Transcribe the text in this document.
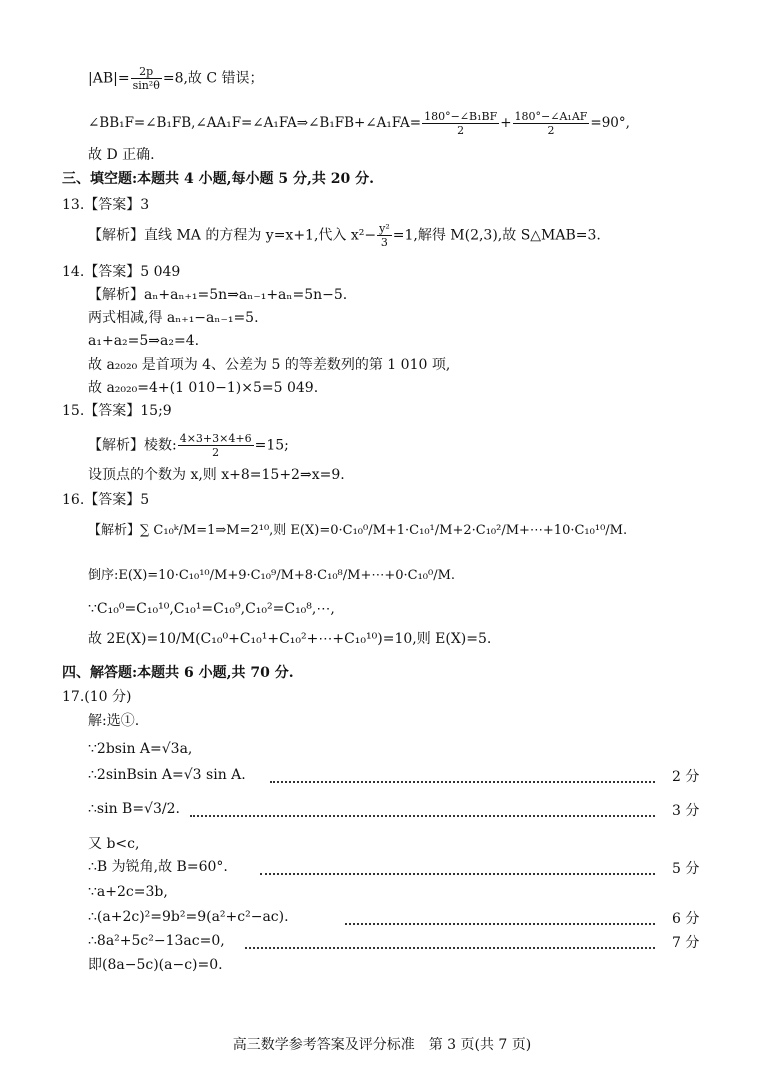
$|AB|= \frac{2p}{\text{sin²θ}} =8$,故 C 错误；
∠BB₁F=∠B₁FB,∠AA₁F=∠A₁FA⇒∠B₁FB+∠A₁FA= $\frac{\text{180°−∠B₁BF}}{2} + \frac{\text{180°−∠A₁AF}}{2} =90^\circ$,
故 D 正确.
三、填空题:本题共 4 小题,每小题 5 分,共 20 分.
13.【答案】3
【解析】直线 MA 的方程为 y=x+1,代入 $x^2- \frac{\text{y²}}{3} =1$,解得 M(2,3),故 S△MAB=3.
14.【答案】5 049
【解析】aₙ+aₙ₊₁=5n⇒aₙ₋₁+aₙ=5n−5.
两式相减,得 aₙ₊₁−aₙ₋₁=5.
a₁+a₂=5⇒a₂=4.
故 a₂₀₂₀ 是首项为 4、公差为 5 的等差数列的第 1 010 项,
故 a₂₀₂₀=4+(1 010−1)×5=5 049.
15.【答案】15;9
【解析】棱数: $\frac{4\times 3+3\times 4+6}{2} =15$;
设顶点的个数为 x,则 x+8=15+2⇒x=9.
16.【答案】5
【解析】∑ C₁₀ᵏ/M=1⇒M=2¹⁰,则 E(X)=0·C₁₀⁰/M+1·C₁₀¹/M+2·C₁₀²/M+⋯+10·C₁₀¹⁰/M.
倒序:E(X)=10·C₁₀¹⁰/M+9·C₁₀⁹/M+8·C₁₀⁸/M+⋯+0·C₁₀⁰/M.
∵C₁₀⁰=C₁₀¹⁰,C₁₀¹=C₁₀⁹,C₁₀²=C₁₀⁸,⋯,
故 2E(X)=10/M(C₁₀⁰+C₁₀¹+C₁₀²+⋯+C₁₀¹⁰)=10,则 E(X)=5.
四、解答题:本题共 6 小题,共 70 分.
17.(10 分)
解:选①.
∵2bsin A=√3a,
∴2sinBsin A=√3 sin A.	2 分
∴sin B=√3/2.	3 分
又 b<c,
∴B 为锐角,故 B=60°.	5 分
∵a+2c=3b,
∴(a+2c)²=9b²=9(a²+c²−ac).	6 分
∴8a²+5c²−13ac=0,	7 分
即(8a−5c)(a−c)=0.
高三数学参考答案及评分标准　第 3 页(共 7 页)
